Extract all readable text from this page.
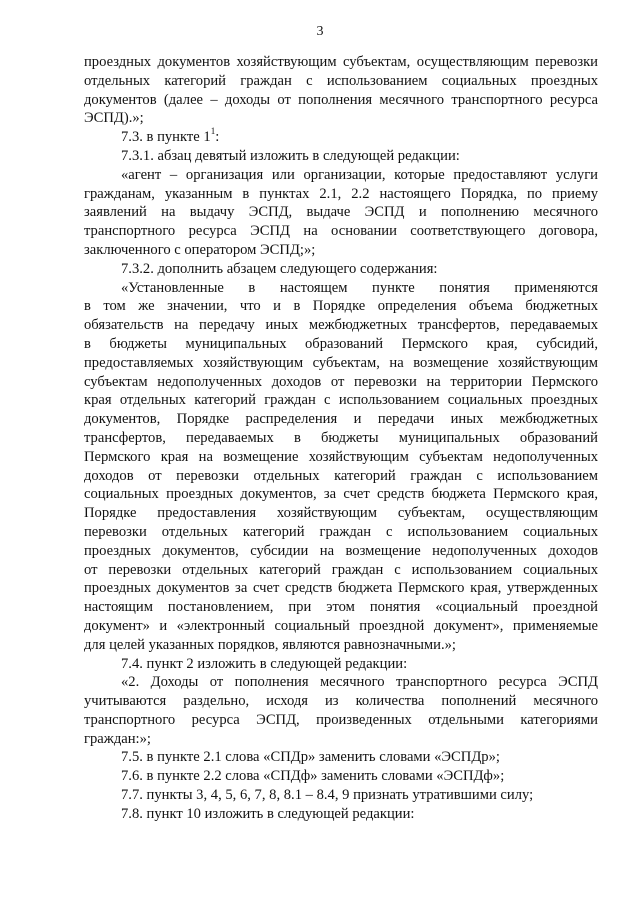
3
проездных документов хозяйствующим субъектам, осуществляющим перевозки
отдельных категорий граждан с использованием социальных проездных
документов (далее – доходы от пополнения месячного транспортного ресурса
ЭСПД).»;
7.3. в пункте $1^1$:
7.3.1. абзац девятый изложить в следующей редакции:
«агент – организация или организации, которые предоставляют услуги
гражданам, указанным в пунктах 2.1, 2.2 настоящего Порядка, по приему
заявлений на выдачу ЭСПД, выдаче ЭСПД и пополнению месячного
транспортного ресурса ЭСПД на основании соответствующего договора,
заключенного с оператором ЭСПД;»;
7.3.2. дополнить абзацем следующего содержания:
«Установленные в настоящем пункте понятия применяются
в том же значении, что и в Порядке определения объема бюджетных
обязательств на передачу иных межбюджетных трансфертов, передаваемых
в бюджеты муниципальных образований Пермского края, субсидий,
предоставляемых хозяйствующим субъектам, на возмещение хозяйствующим
субъектам недополученных доходов от перевозки на территории Пермского
края отдельных категорий граждан с использованием социальных проездных
документов, Порядке распределения и передачи иных межбюджетных
трансфертов, передаваемых в бюджеты муниципальных образований
Пермского края на возмещение хозяйствующим субъектам недополученных
доходов от перевозки отдельных категорий граждан с использованием
социальных проездных документов, за счет средств бюджета Пермского края,
Порядке предоставления хозяйствующим субъектам, осуществляющим
перевозки отдельных категорий граждан с использованием социальных
проездных документов, субсидии на возмещение недополученных доходов
от перевозки отдельных категорий граждан с использованием социальных
проездных документов за счет средств бюджета Пермского края, утвержденных
настоящим постановлением, при этом понятия «социальный проездной
документ» и «электронный социальный проездной документ», применяемые
для целей указанных порядков, являются равнозначными.»;
7.4. пункт 2 изложить в следующей редакции:
«2. Доходы от пополнения месячного транспортного ресурса ЭСПД
учитываются раздельно, исходя из количества пополнений месячного
транспортного ресурса ЭСПД, произведенных отдельными категориями
граждан:»;
7.5. в пункте 2.1 слова «СПДр» заменить словами «ЭСПДр»;
7.6. в пункте 2.2 слова «СПДф» заменить словами «ЭСПДф»;
7.7. пункты 3, 4, 5, 6, 7, 8, 8.1 – 8.4, 9 признать утратившими силу;
7.8. пункт 10 изложить в следующей редакции:
